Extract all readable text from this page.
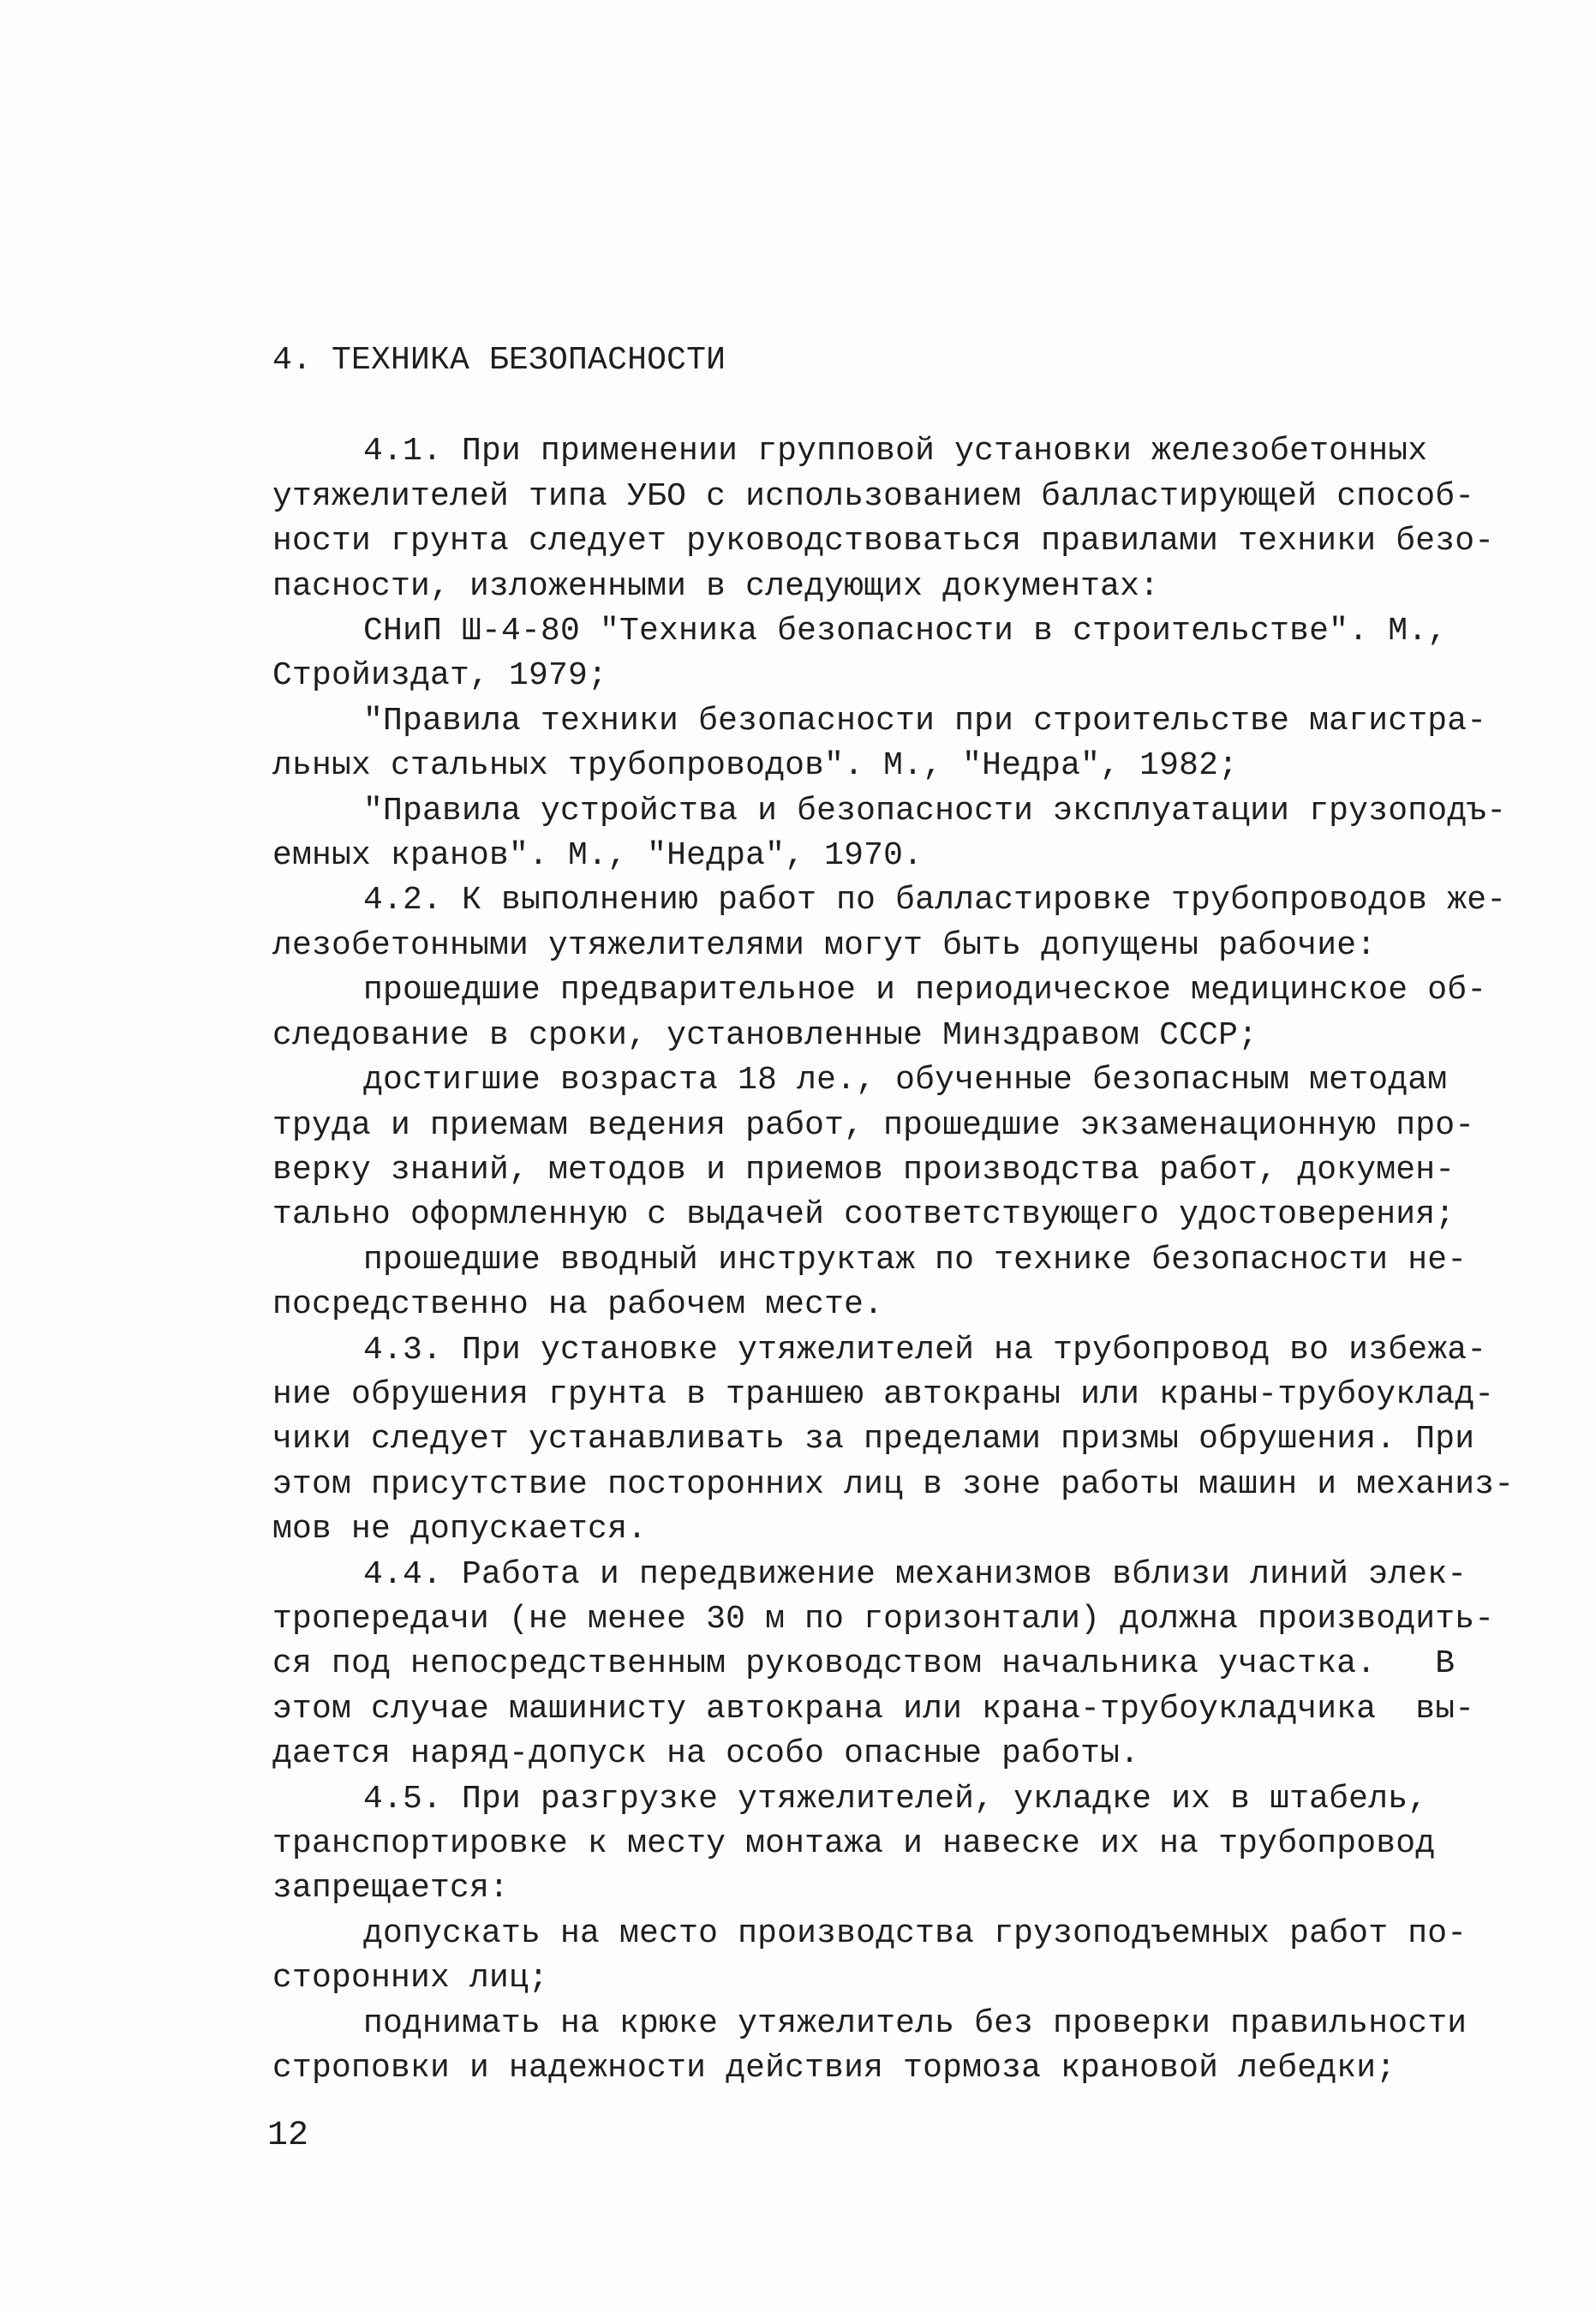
4. ТЕХНИКА БЕЗОПАСНОСТИ
4.1. При применении групповой установки железобетонных
утяжелителей типа УБО с использованием балластирующей способ-
ности грунта следует руководствоваться правилами техники безо-
пасности, изложенными в следующих документах:
СНиП Ш-4-80 "Техника безопасности в строительстве". М.,
Стройиздат, 1979;
"Правила техники безопасности при строительстве магистра-
льных стальных трубопроводов". М., "Недра", 1982;
"Правила устройства и безопасности эксплуатации грузоподъ-
емных кранов". М., "Недра", 1970.
4.2. К выполнению работ по балластировке трубопроводов же-
лезобетонными утяжелителями могут быть допущены рабочие:
прошедшие предварительное и периодическое медицинское об-
следование в сроки, установленные Минздравом СССР;
достигшие возраста 18 ле., обученные безопасным методам
труда и приемам ведения работ, прошедшие экзаменационную про-
верку знаний, методов и приемов производства работ, докумен-
тально оформленную с выдачей соответствующего удостоверения;
прошедшие вводный инструктаж по технике безопасности не-
посредственно на рабочем месте.
4.3. При установке утяжелителей на трубопровод во избежа-
ние обрушения грунта в траншею автокраны или краны-трубоуклад-
чики следует устанавливать за пределами призмы обрушения. При
этом присутствие посторонних лиц в зоне работы машин и механиз-
мов не допускается.
4.4. Работа и передвижение механизмов вблизи линий элек-
тропередачи (не менее 30 м по горизонтали) должна производить-
ся под непосредственным руководством начальника участка.   В
этом случае машинисту автокрана или крана-трубоукладчика  вы-
дается наряд-допуск на особо опасные работы.
4.5. При разгрузке утяжелителей, укладке их в штабель,
транспортировке к месту монтажа и навеске их на трубопровод
запрещается:
допускать на место производства грузоподъемных работ по-
сторонних лиц;
поднимать на крюке утяжелитель без проверки правильности
строповки и надежности действия тормоза крановой лебедки;
12
